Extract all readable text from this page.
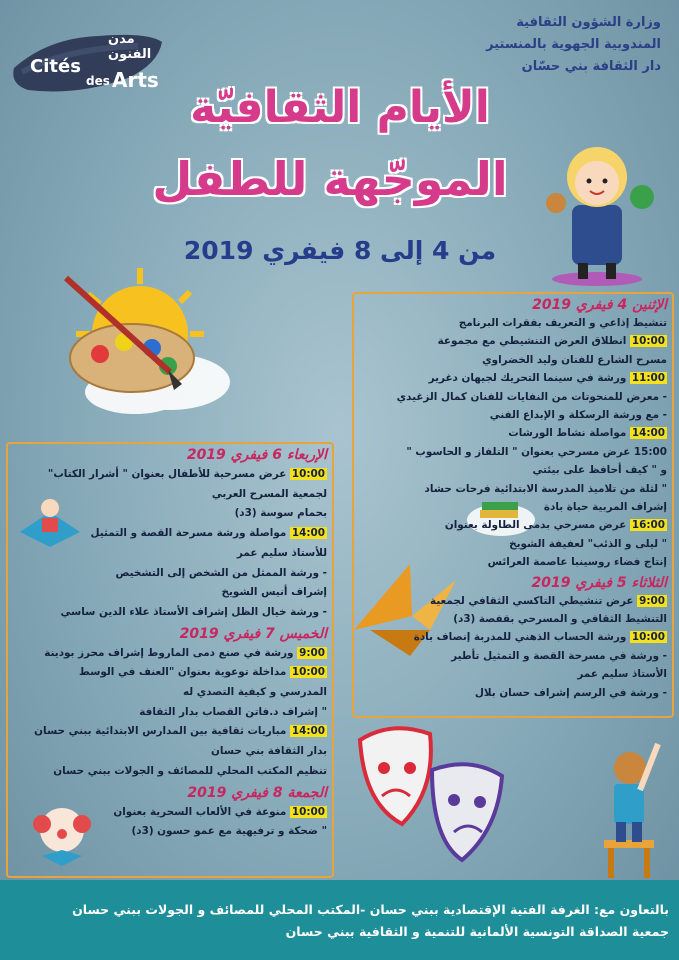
وزارة الشؤون الثقافية
المندوبية الجهوية بالمنستير
دار الثقافة بني حسّان
مدن الفنون
Cités
des Arts
الأيام الثقافيّة
الموجّهة للطفل
من 4 إلى 8 فيفري 2019
الإثنين 4 فيفري 2019
تنشيط إذاعي و التعريف بفقرات البرنامج
10:00 انطلاق العرض التنشيطي مع مجموعة
مسرح الشارع للفنان وليد الخضراوي
11:00 ورشة في سينما التحريك لجيهان دغرير
- معرض للمنحوتات من النفايات للفنان كمال الزغيدي
- مع ورشة الرسكلة و الإبداع الفني
14:00 مواصلة نشاط الورشات
15:00 عرض مسرحي بعنوان " التلفاز و الحاسوب "
و " كيف أحافظ على بيئتي
" لثلة من تلاميذ المدرسة الابتدائية فرحات حشاد
إشراف المربية حياة بادة
16:00 عرض مسرحي بدمى الطاولة بعنوان
" ليلى و الذئب" لعفيفة الشويخ
إنتاج فضاء روسينبا عاصمة العرائس
الثلاثاء 5 فيفري 2019
9:00 عرض تنشيطي التاكسي الثقافي لجمعية
التنشيط الثقافي و المسرحي بقفصة (3د)
10:00 ورشة الحساب الذهني للمدربة إنصاف بادة
- ورشة في مسرحة القصة و التمثيل تأطير
الأستاذ سليم عمر
- ورشة في الرسم إشراف حسان بلال
الإربعاء 6 فيفري 2019
10:00 عرض مسرحية للأطفال بعنوان " أشرار الكتاب"
لجمعية المسرح العربي
بحمام سوسة (3د)
14:00 مواصلة ورشة مسرحة القصة و التمثيل
للأستاذ سليم عمر
- ورشة الممثل من الشخص إلى التشخيص
إشراف أنيس الشويخ
- ورشة خيال الظل إشراف الأستاذ علاء الدين ساسي
الخميس 7 فيفري 2019
9:00 ورشة في صنع دمى الماروط إشراف محرز بودينة
10:00 مداخلة توعوية بعنوان "العنف في الوسط
المدرسي و كيفية التصدي له
" إشراف د.فاتن القصاب بدار الثقافة
14:00 مباريات ثقافية بين المدارس الابتدائية ببني حسان
بدار الثقافة بني حسان
تنظيم المكتب المحلي للمصائف و الجولات ببني حسان
الجمعة 8 فيفري 2019
10:00 منوعة في الألعاب السحرية بعنوان
" ضحكة و ترفيهية مع عمو حسون (3د)
بالتعاون مع: الغرفة الفتية الإقتصادية ببني حسان -المكتب المحلي للمصائف و الجولات ببني حسان
جمعية الصداقة التونسية الألمانية للتنمية و الثقافية ببني حسان
